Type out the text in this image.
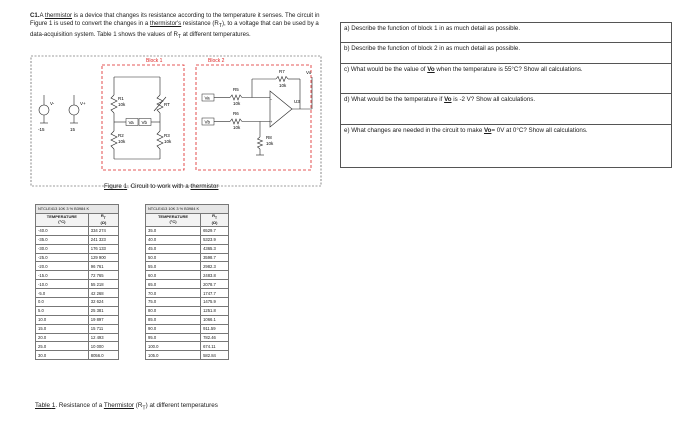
C1.A thermistor is a device that changes its resistance according to the temperature it senses. The circuit in Figure 1 is used to convert the changes in a thermistor's resistance $(R_T)$, to a voltage that can be used by a data-acquisition system. Table 1 shows the values of $R_T$ at different temperatures.
Block 1	Block 2
V-	V+
-15	15
R1
10k	RT
R2
10k
R3
10k
Va Vb
Va
Vb
−
+
R5
10k
R6
10k
R7
10k
R8
10k
U3
Vo
Figure 1. Circuit to work with a thermistor
NTCLE413 10K 3 % B3984 K	
TEMPERATURE
(°C)	$R_T$
(Ω)
-40.0	334 274
-35.0	241 323
-30.0	176 133
-25.0	129 900
-20.0	96 761
-15.0	72 765
-10.0	55 218
-5.0	42 268
0.0	32 624
5.0	25 381
10.0	19 897
15.0	15 711
20.0	12 493
25.0	10 000
30.0	8056.0
NTCLE413 10K 3 % B3984 K	
TEMPERATURE
(°C)	$R_T$
(Ω)
35.0	6529.7
40.0	5323.9
45.0	4365.3
50.0	3598.7
55.0	2982.3
60.0	2483.8
65.0	2078.7
70.0	1747.7
75.0	1475.9
80.0	1251.8
85.0	1066.1
90.0	911.59
95.0	782.46
100.0	674.11
105.0	582.84
Table 1. Resistance of a Thermistor $(R_T)$ at different temperatures
a) Describe the function of block 1 in as much detail as possible.
b) Describe the function of block 2 in as much detail as possible.
c) What would be the value of Vo when the temperature is 55°C? Show all calculations.
d) What would be the temperature if Vo is -2 V? Show all calculations.
e) What changes are needed in the circuit to make Vo= 0V at 0°C? Show all calculations.
